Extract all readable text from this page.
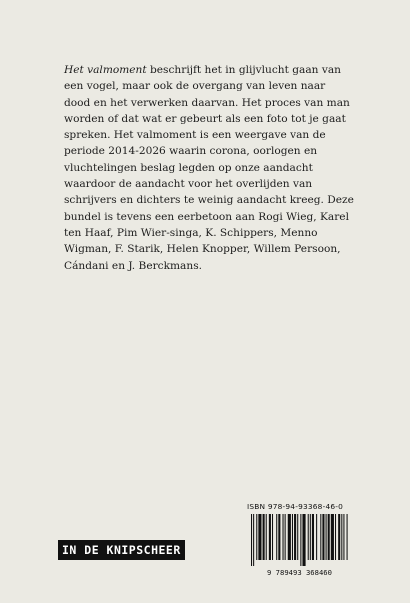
Het valmoment beschrijft het in glijvlucht gaan van een vogel, maar ook de overgang van leven naar dood en het verwerken daarvan. Het proces van man worden of dat wat er gebeurt als een foto tot je gaat spreken. Het valmoment is een weergave van de periode 2014-2026 waarin corona, oorlogen en vluchtelingen beslag legden op onze aandacht waardoor de aandacht voor het overlijden van schrijvers en dichters te weinig aandacht kreeg. Deze bundel is tevens een eerbetoon aan Rogi Wieg, Karel ten Haaf, Pim Wier-singa, K. Schippers, Menno Wigman, F. Starik, Helen Knopper, Willem Persoon, Cándani en J. Berckmans.

IN DE KNIPSCHEER
ISBN 978-94-93368-46-0
9 789493 368460
